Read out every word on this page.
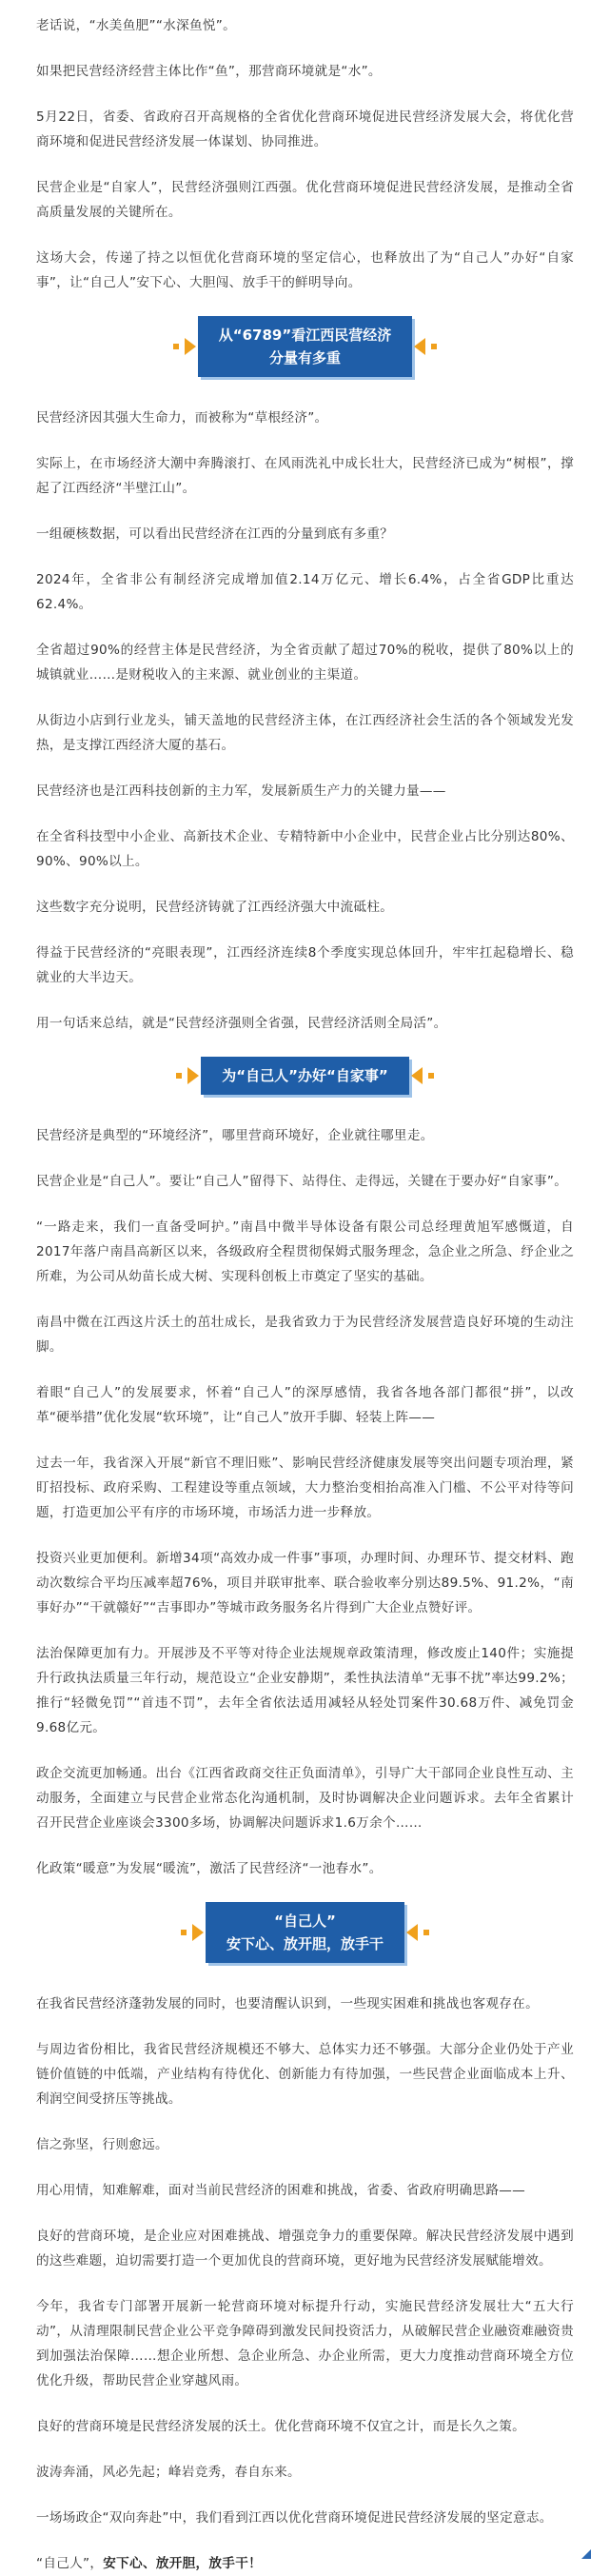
老话说，“水美鱼肥”“水深鱼悦”。

如果把民营经济经营主体比作“鱼”，那营商环境就是“水”。

5月22日，省委、省政府召开高规格的全省优化营商环境促进民营经济发展大会，将优化营商环境和促进民营经济发展一体谋划、协同推进。

民营企业是“自家人”，民营经济强则江西强。优化营商环境促进民营经济发展，是推动全省高质量发展的关键所在。

这场大会，传递了持之以恒优化营商环境的坚定信心，也释放出了为“自己人”办好“自家事”，让“自己人”安下心、大胆闯、放手干的鲜明导向。

从“6789”看江西民营经济
分量有多重

民营经济因其强大生命力，而被称为“草根经济”。

实际上，在市场经济大潮中奔腾滚打、在风雨洗礼中成长壮大，民营经济已成为“树根”，撑起了江西经济“半壁江山”。

一组硬核数据，可以看出民营经济在江西的分量到底有多重？

2024年，全省非公有制经济完成增加值2.14万亿元、增长6.4%，占全省GDP比重达62.4%。

全省超过90%的经营主体是民营经济，为全省贡献了超过70%的税收，提供了80%以上的城镇就业……是财税收入的主来源、就业创业的主渠道。

从街边小店到行业龙头，铺天盖地的民营经济主体，在江西经济社会生活的各个领域发光发热，是支撑江西经济大厦的基石。

民营经济也是江西科技创新的主力军，发展新质生产力的关键力量——

在全省科技型中小企业、高新技术企业、专精特新中小企业中，民营企业占比分别达80%、90%、90%以上。

这些数字充分说明，民营经济铸就了江西经济强大中流砥柱。

得益于民营经济的“亮眼表现”，江西经济连续8个季度实现总体回升，牢牢扛起稳增长、稳就业的大半边天。

用一句话来总结，就是“民营经济强则全省强，民营经济活则全局活”。

为“自己人”办好“自家事”

民营经济是典型的“环境经济”，哪里营商环境好，企业就往哪里走。

民营企业是“自己人”。要让“自己人”留得下、站得住、走得远，关键在于要办好“自家事”。

“一路走来，我们一直备受呵护。”南昌中微半导体设备有限公司总经理黄旭军感慨道，自2017年落户南昌高新区以来，各级政府全程贯彻保姆式服务理念，急企业之所急、纾企业之所难，为公司从幼苗长成大树、实现科创板上市奠定了坚实的基础。

南昌中微在江西这片沃土的茁壮成长，是我省致力于为民营经济发展营造良好环境的生动注脚。

着眼“自己人”的发展要求，怀着“自己人”的深厚感情，我省各地各部门都很“拼”，以改革“硬举措”优化发展“软环境”，让“自己人”放开手脚、轻装上阵——

过去一年，我省深入开展“新官不理旧账”、影响民营经济健康发展等突出问题专项治理，紧盯招投标、政府采购、工程建设等重点领域，大力整治变相抬高准入门槛、不公平对待等问题，打造更加公平有序的市场环境，市场活力进一步释放。

投资兴业更加便利。新增34项“高效办成一件事”事项，办理时间、办理环节、提交材料、跑动次数综合平均压减率超76%，项目并联审批率、联合验收率分别达89.5%、91.2%，“南事好办”“干就赣好”“吉事即办”等城市政务服务名片得到广大企业点赞好评。

法治保障更加有力。开展涉及不平等对待企业法规规章政策清理，修改废止140件；实施提升行政执法质量三年行动，规范设立“企业安静期”，柔性执法清单“无事不扰”率达99.2%；推行“轻微免罚”“首违不罚”，去年全省依法适用减轻从轻处罚案件30.68万件、减免罚金9.68亿元。

政企交流更加畅通。出台《江西省政商交往正负面清单》，引导广大干部同企业良性互动、主动服务，全面建立与民营企业常态化沟通机制，及时协调解决企业问题诉求。去年全省累计召开民营企业座谈会3300多场，协调解决问题诉求1.6万余个……

化政策“暖意”为发展“暖流”，激活了民营经济“一池春水”。

“自己人”
安下心、放开胆，放手干

在我省民营经济蓬勃发展的同时，也要清醒认识到，一些现实困难和挑战也客观存在。

与周边省份相比，我省民营经济规模还不够大、总体实力还不够强。大部分企业仍处于产业链价值链的中低端，产业结构有待优化、创新能力有待加强，一些民营企业面临成本上升、利润空间受挤压等挑战。

信之弥坚，行则愈远。

用心用情，知难解难，面对当前民营经济的困难和挑战，省委、省政府明确思路——

良好的营商环境，是企业应对困难挑战、增强竞争力的重要保障。解决民营经济发展中遇到的这些难题，迫切需要打造一个更加优良的营商环境，更好地为民营经济发展赋能增效。

今年，我省专门部署开展新一轮营商环境对标提升行动，实施民营经济发展壮大“五大行动”，从清理限制民营企业公平竞争障碍到激发民间投资活力，从破解民营企业融资难融资贵到加强法治保障……想企业所想、急企业所急、办企业所需，更大力度推动营商环境全方位优化升级，帮助民营企业穿越风雨。

良好的营商环境是民营经济发展的沃土。优化营商环境不仅宜之计，而是长久之策。

波涛奔涌，风必先起；峰岩竞秀，春自东来。

一场场政企“双向奔赴”中，我们看到江西以优化营商环境促进民营经济发展的坚定意志。

“自己人”，安下心、放开胆，放手干！
